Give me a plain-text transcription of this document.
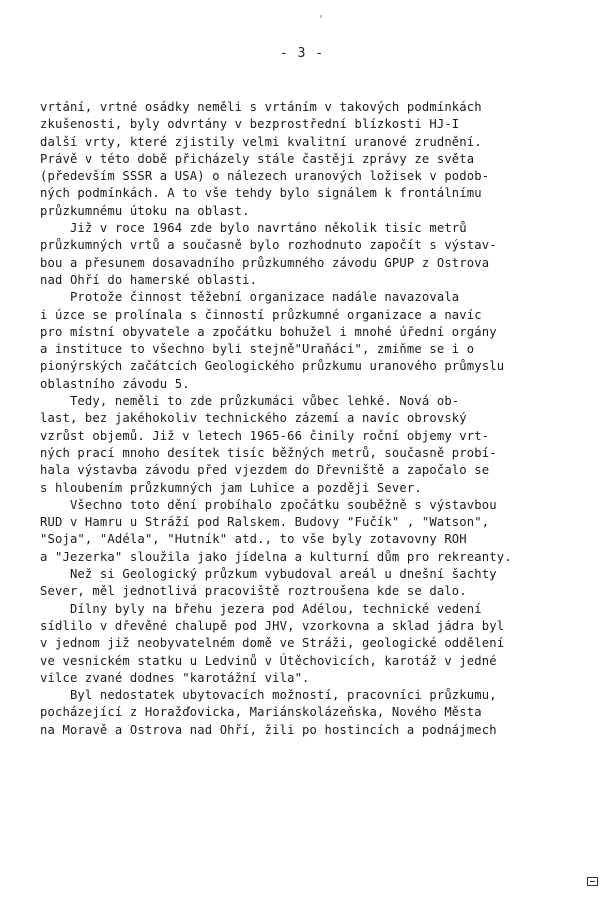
- 3 -
'
vrtání, vrtné osádky neměli s vrtáním v takových podmínkách
zkušenosti, byly odvrtány v bezprostřední blízkosti HJ-I
další vrty, které zjistily velmi kvalitní uranové zrudnění.
Právě v této době přicházely stále častěji zprávy ze světa
(především SSSR a USA) o nálezech uranových ložisek v podob-
ných podmínkách. A to vše tehdy bylo signálem k frontálnímu
průzkumnému útoku na oblast.
Již v roce 1964 zde bylo navrtáno několik tisíc metrů
průzkumných vrtů a současně bylo rozhodnuto započít s výstav-
bou a přesunem dosavadního průzkumného závodu GPUP z Ostrova
nad Ohří do hamerské oblasti.
Protože činnost těžební organizace nadále navazovala
i úzce se prolínala s činností průzkumné organizace a navíc
pro místní obyvatele a zpočátku bohužel i mnohé úřední orgány
a instituce to všechno byli stejně"Uraňáci", zmiňme se i o
pionýrských začátcích Geologického průzkumu uranového průmyslu
oblastního závodu 5.
Tedy, neměli to zde průzkumáci vůbec lehké. Nová ob-
last, bez jakéhokoliv technického zázemí a navíc obrovský
vzrůst objemů. Již v letech 1965-66 činily roční objemy vrt-
ných prací mnoho desítek tisíc běžných metrů, současně probí-
hala výstavba závodu před vjezdem do Dřevniště a započalo se
s hloubením průzkumných jam Luhice a později Sever.
Všechno toto dění probíhalo zpočátku souběžně s výstavbou
RUD v Hamru u Stráží pod Ralskem. Budovy "Fučík" , "Watson",
"Soja", "Adéla", "Hutník" atd., to vše byly zotavovny ROH
a "Jezerka" sloužila jako jídelna a kulturní dům pro rekreanty.
Než si Geologický průzkum vybudoval areál u dnešní šachty
Sever, měl jednotlivá pracoviště roztroušena kde se dalo.
Dílny byly na břehu jezera pod Adélou, technické vedení
sídlilo v dřevěné chalupě pod JHV, vzorkovna a sklad jádra byl
v jednom již neobyvatelném domě ve Stráži, geologické oddělení
ve vesnickém statku u Ledvinů v Útěchovicích, karotáž v jedné
vilce zvané dodnes "karotážní vila".
Byl nedostatek ubytovacích možností, pracovníci průzkumu,
pocházející z Horažďovicka, Mariánskolázeňska, Nového Města
na Moravě a Ostrova nad Ohří, žili po hostincích a podnájmech
